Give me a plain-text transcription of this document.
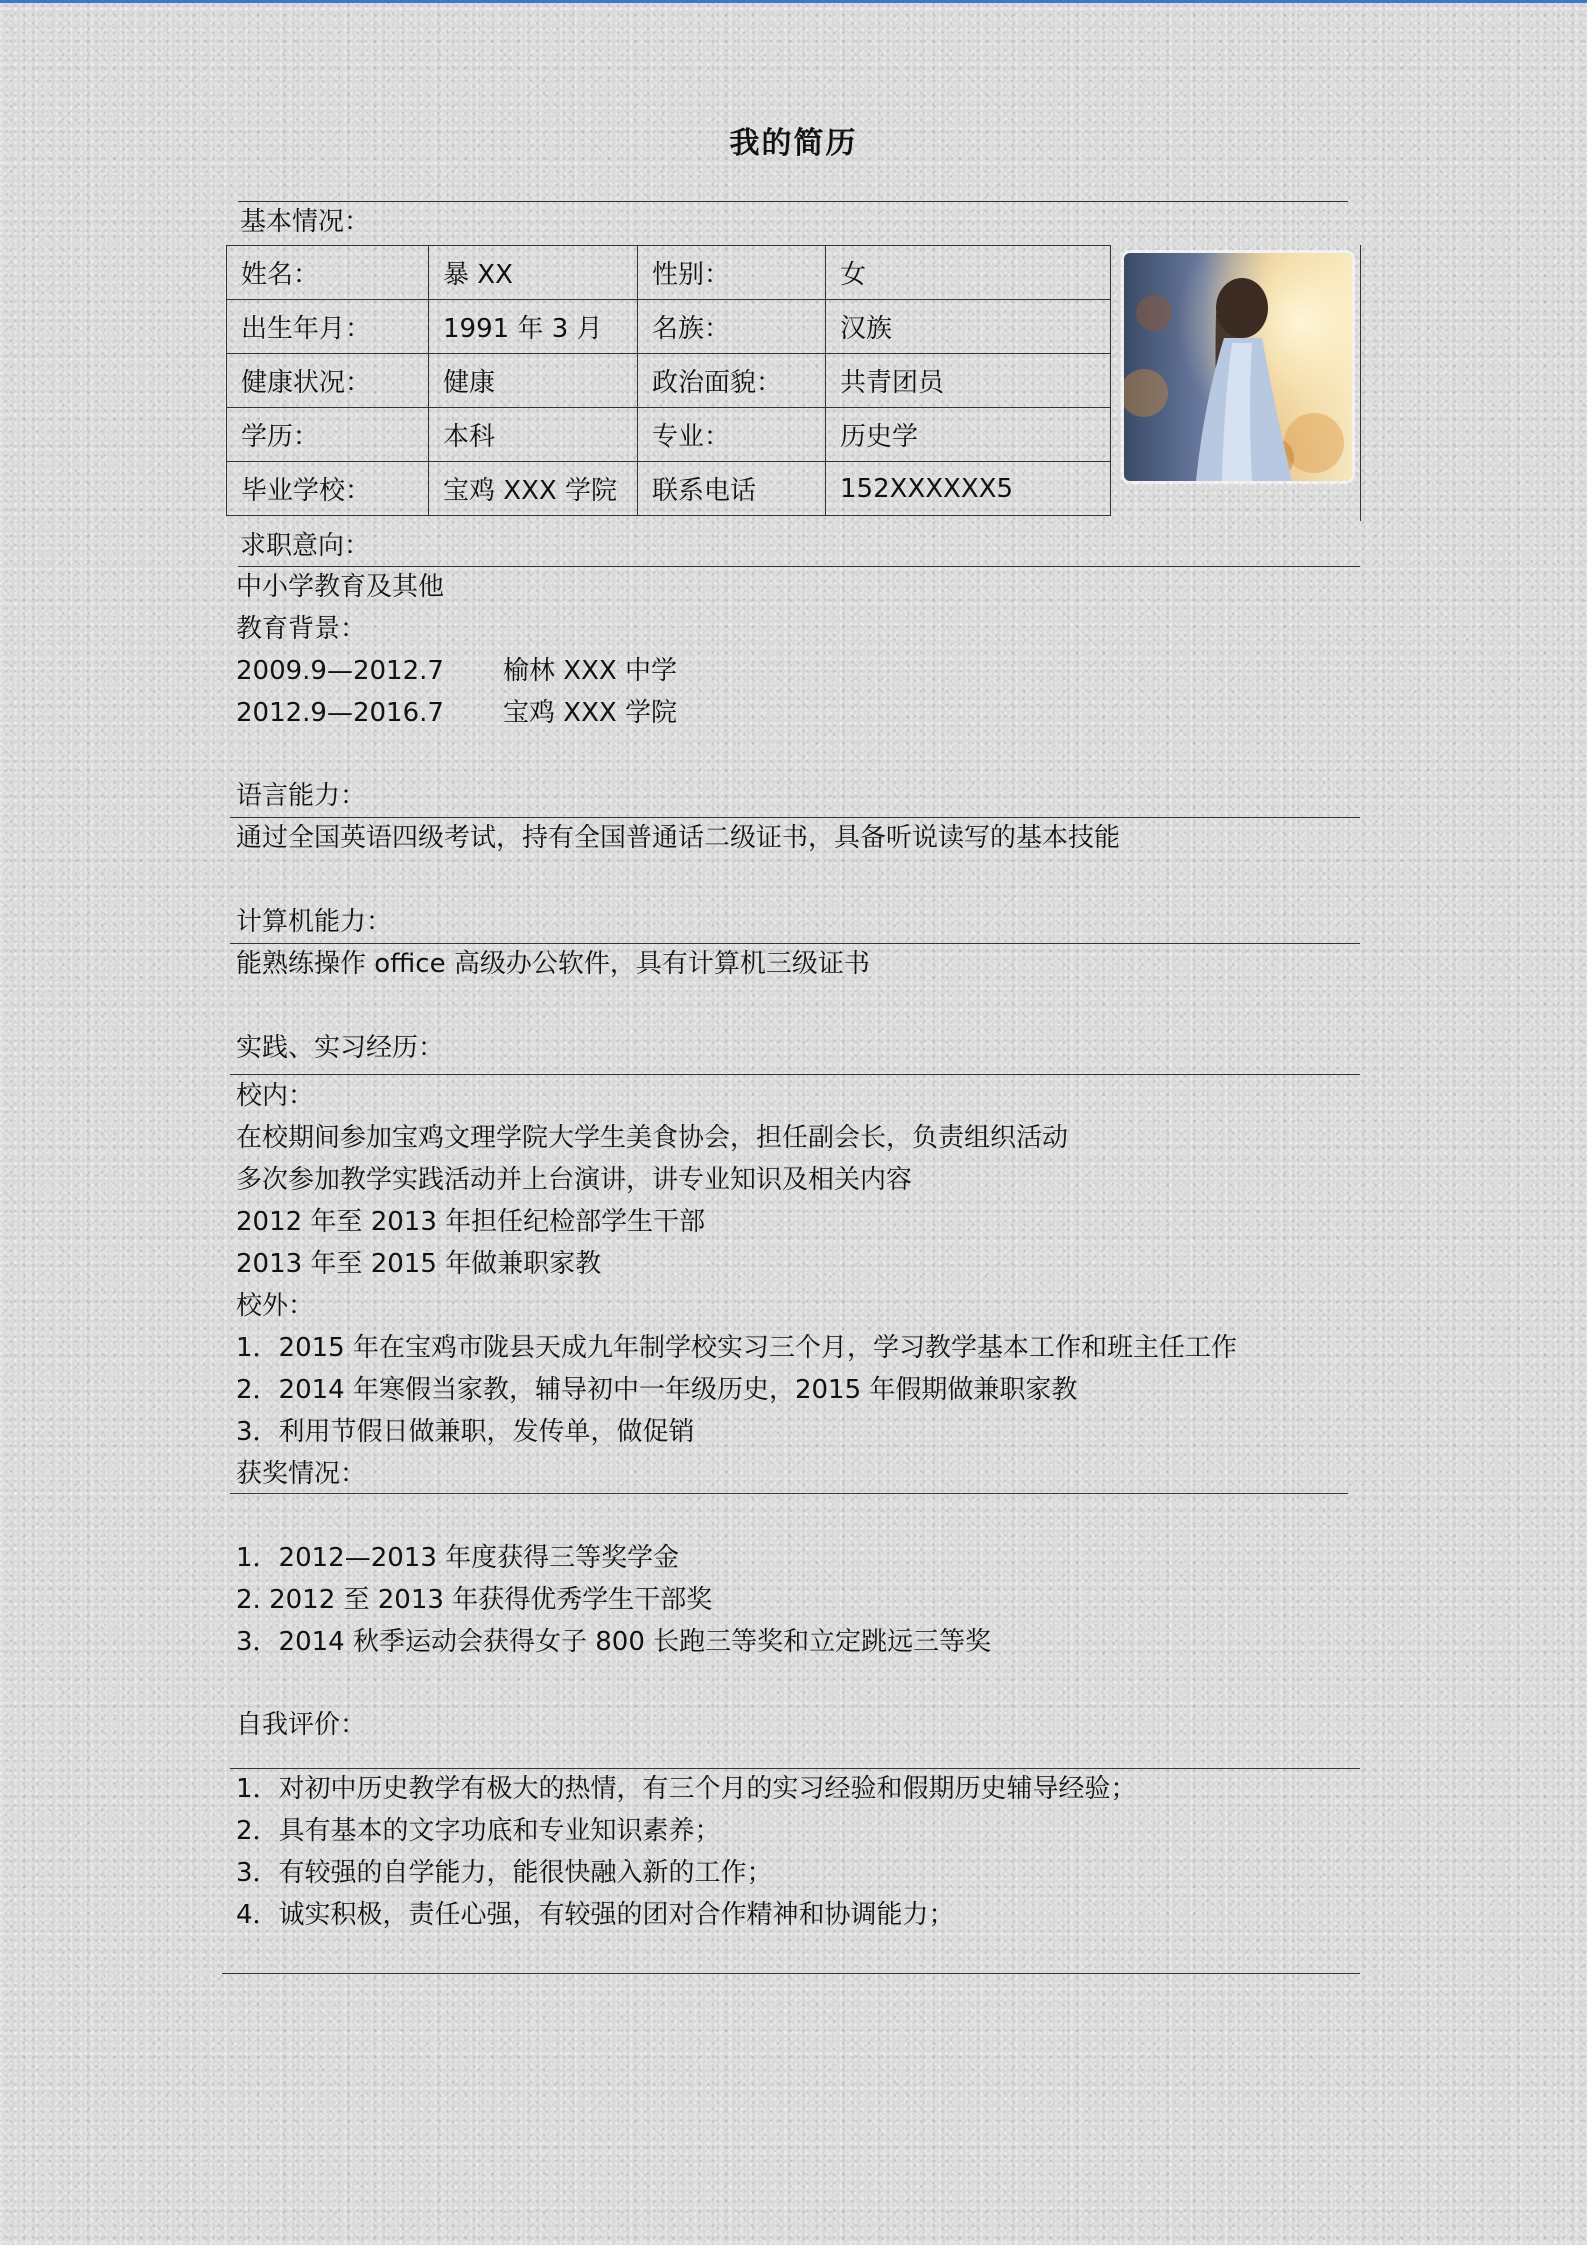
我的简历
基本情况：
姓名：	暴 XX	性别：	女
出生年月：	1991 年 3 月	名族：	汉族
健康状况：	健康	政治面貌：	共青团员
学历：	本科	专业：	历史学
毕业学校：	宝鸡 XXX 学院	联系电话	152XXXXXX5
求职意向：
中小学教育及其他
教育背景：
2009.9—2012.7 榆林 XXX 中学
2012.9—2016.7 宝鸡 XXX 学院
语言能力：
通过全国英语四级考试，持有全国普通话二级证书，具备听说读写的基本技能
计算机能力：
能熟练操作 office 高级办公软件，具有计算机三级证书
实践、实习经历：
校内：
在校期间参加宝鸡文理学院大学生美食协会，担任副会长，负责组织活动
多次参加教学实践活动并上台演讲，讲专业知识及相关内容
2012 年至 2013 年担任纪检部学生干部
2013 年至 2015 年做兼职家教
校外：
1．2015 年在宝鸡市陇县天成九年制学校实习三个月，学习教学基本工作和班主任工作
2．2014 年寒假当家教，辅导初中一年级历史，2015 年假期做兼职家教
3．利用节假日做兼职，发传单，做促销
获奖情况：
1．2012—2013 年度获得三等奖学金
2. 2012 至 2013 年获得优秀学生干部奖
3．2014 秋季运动会获得女子 800 长跑三等奖和立定跳远三等奖
自我评价：
1．对初中历史教学有极大的热情，有三个月的实习经验和假期历史辅导经验；
2．具有基本的文字功底和专业知识素养；
3．有较强的自学能力，能很快融入新的工作；
4．诚实积极，责任心强，有较强的团对合作精神和协调能力；
